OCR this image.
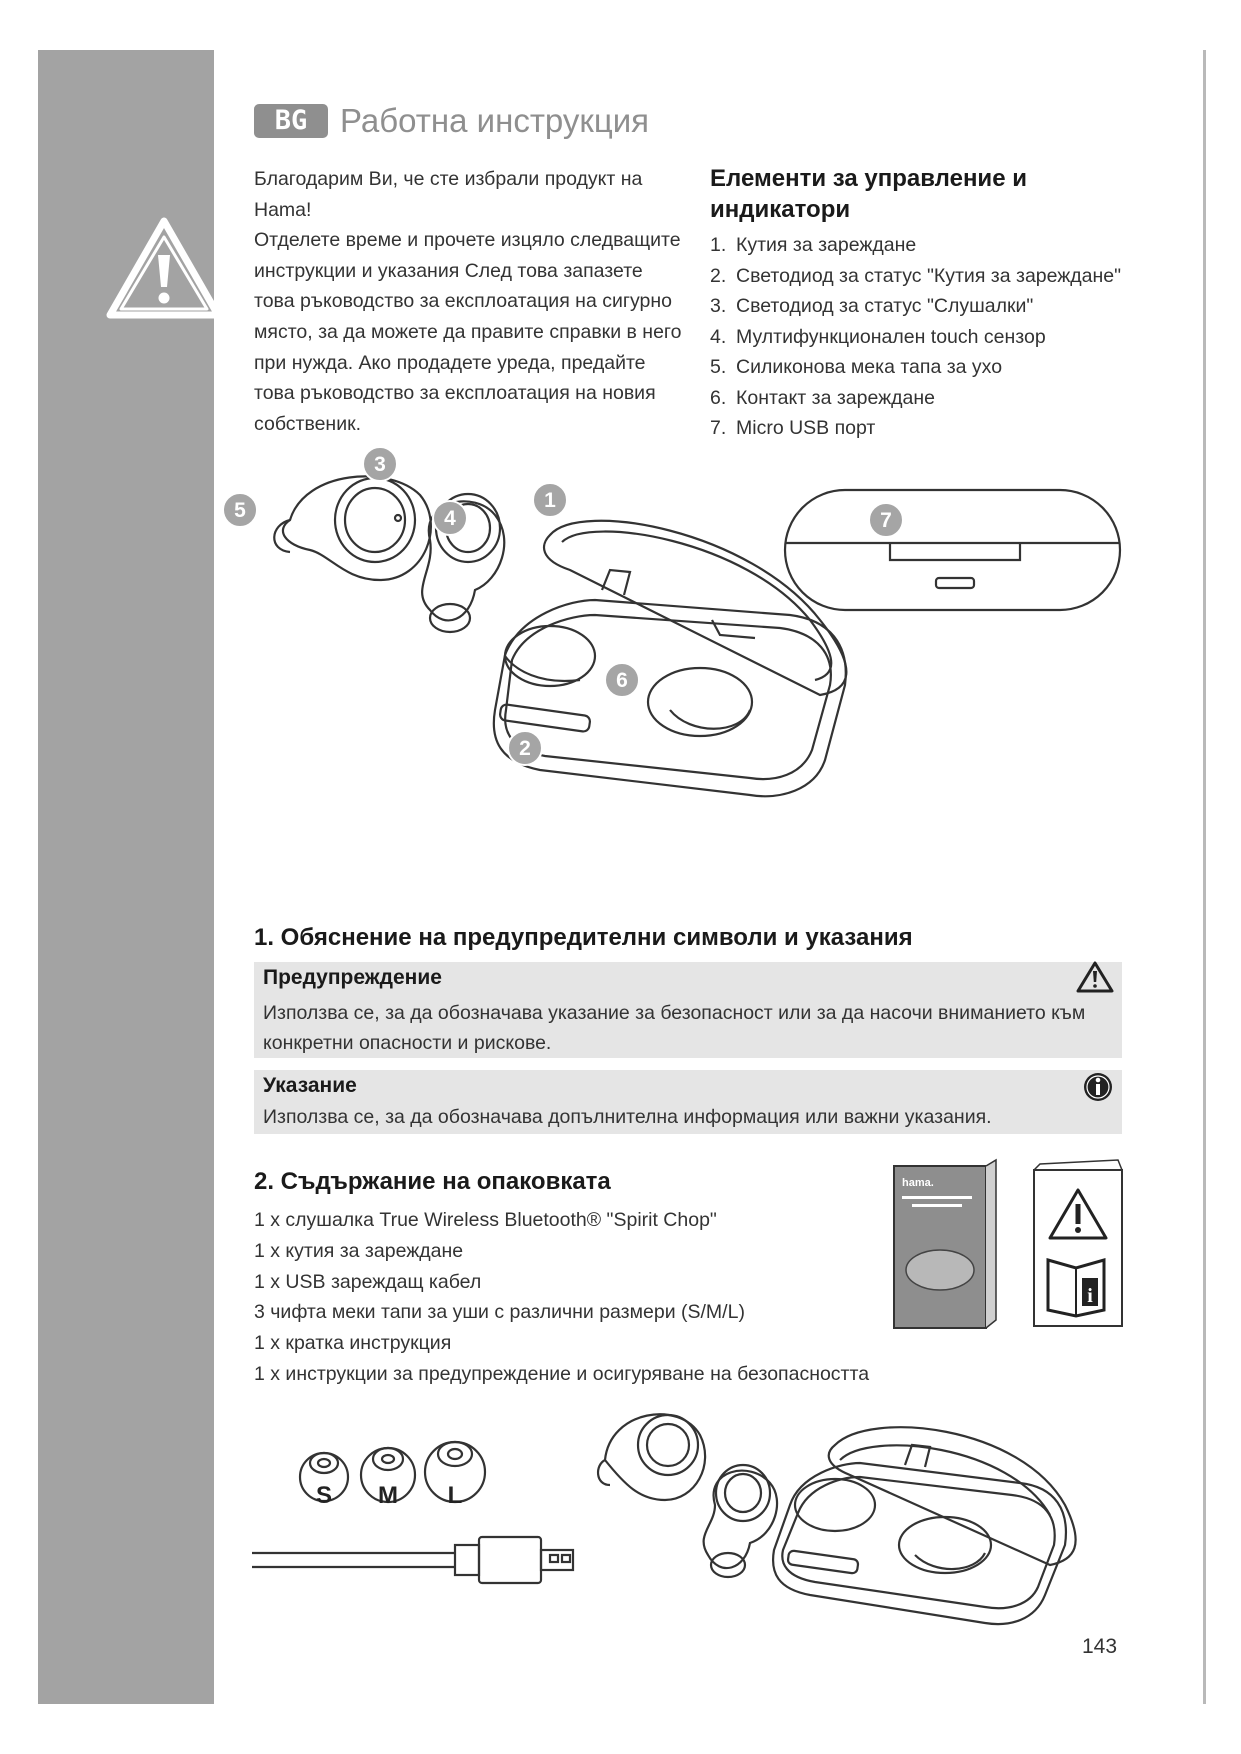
BG Работна инструкция

Благодарим Ви, че сте избрали продукт на

Hama!

Отделете време и прочете изцяло следващите

инструкции и указания След това запазете

това ръководство за експлоатация на сигурно

място, за да можете да правите справки в него

при нужда. Ако продадете уреда, предайте

това ръководство за експлоатация на новия

собственик.

Елементи за управление и индикатори
1. Кутия за зареждане
2. Светодиод за статус "Кутия за зареждане"
3. Светодиод за статус "Слушалки"
4. Мултифункционален touch сензор
5. Силиконова мека тапа за ухо
6. Контакт за зареждане
7. Micro USB порт
1
2
3
4
5
6
7
1. Обяснение на предупредителни символи и указания
Предупреждение
Използва се, за да обозначава указание за безопасност или за да насочи вниманието към конкретни опасности и рискове.
Указание
Използва се, за да обозначава допълнителна информация или важни указания.
2. Съдържание на опаковката
1 х слушалка True Wireless Bluetooth® "Spirit Chop"
1 х кутия за зареждане
1 х USB зареждащ кабел
3 чифта меки тапи за уши с различни размери (S/M/L)
1 х кратка инструкция
1 х инструкции за предупреждение и осигуряване на безопасността
hama.
i
S M L
143
